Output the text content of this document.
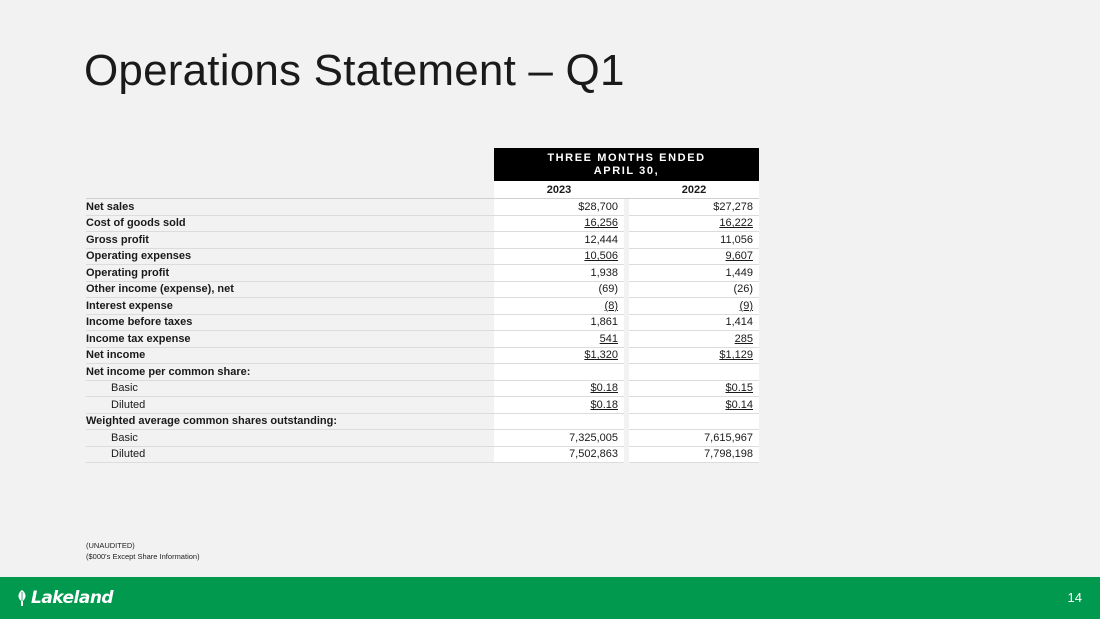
Operations Statement – Q1

	THREE MONTHS ENDED
APRIL 30,		

	2023		2022
Net sales	$28,700		$27,278
Cost of goods sold	16,256		16,222
Gross profit	12,444		11,056
Operating expenses	10,506		9,607
Operating profit	1,938		1,449
Other income (expense), net	(69)		(26)
Interest expense	(8)		(9)
Income before taxes	1,861		1,414
Income tax expense	541		285
Net income	$1,320		$1,129
Net income per common share:			
Basic	$0.18		$0.15
Diluted	$0.18		$0.14
Weighted average common shares outstanding:			
Basic	7,325,005		7,615,967
Diluted	7,502,863		7,798,198
(UNAUDITED)
($000's Except Share Information)
Lakeland	14
